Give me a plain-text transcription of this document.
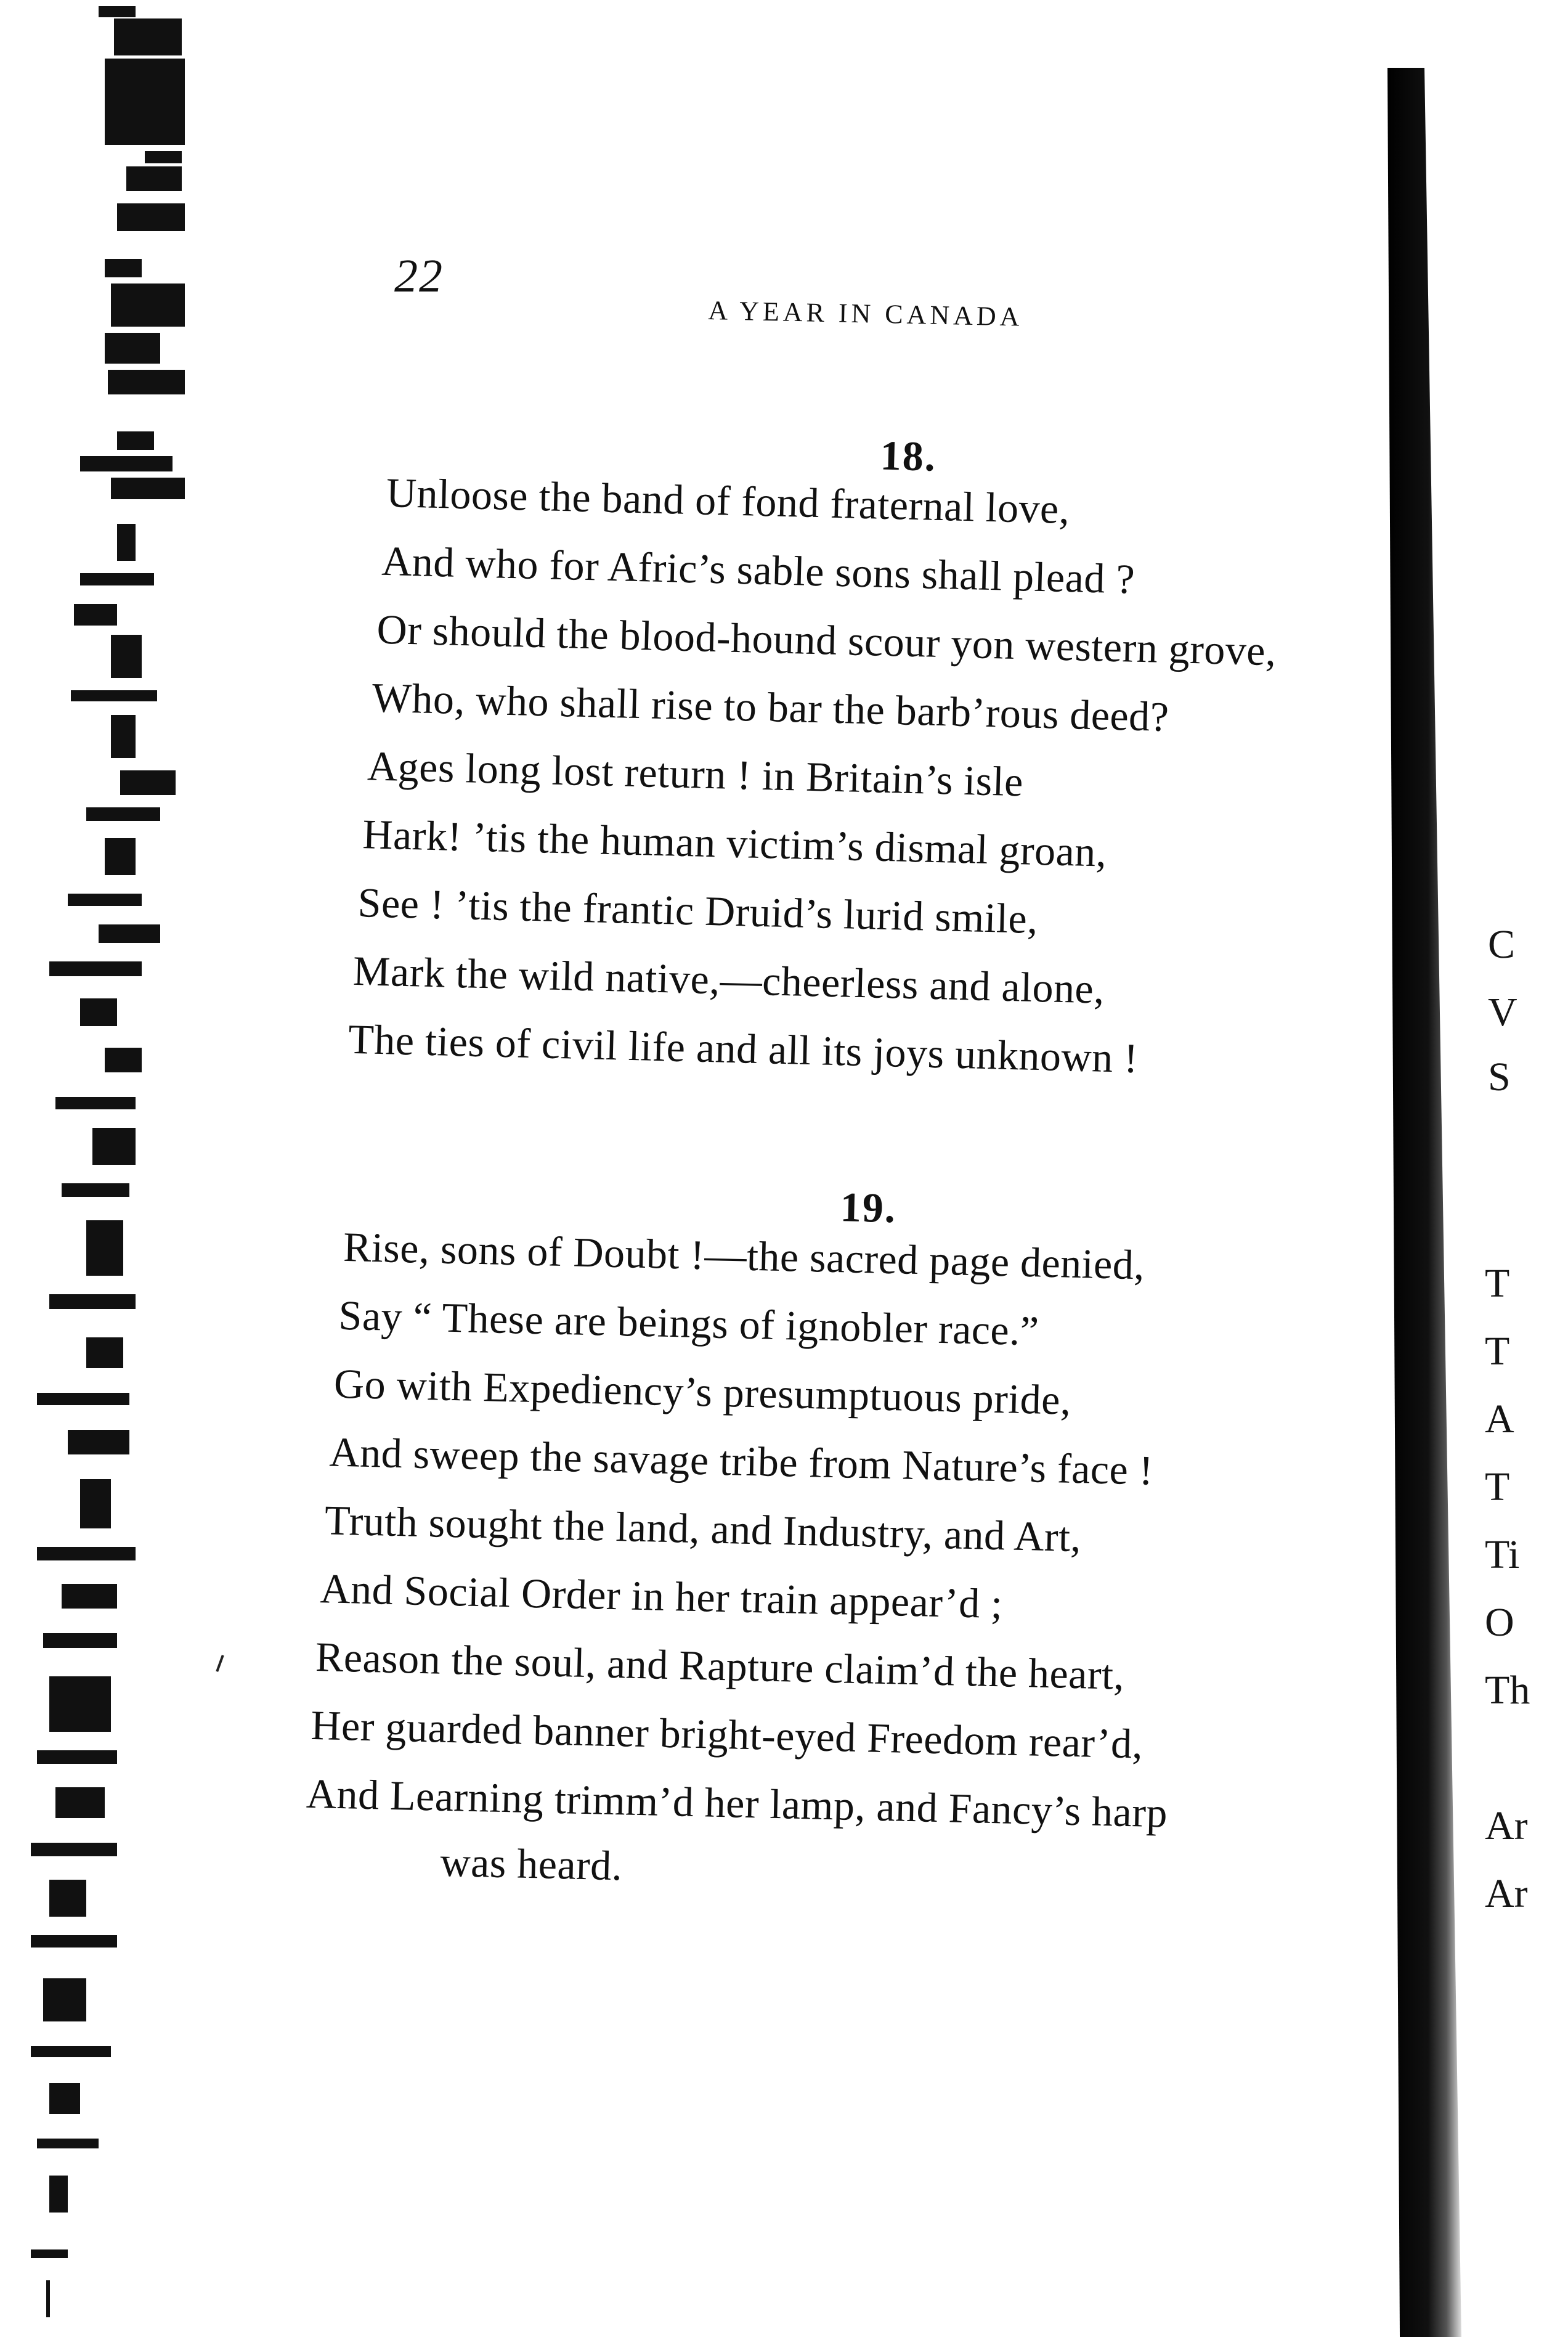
22
A YEAR IN CANADA
18.
Unloose the band of fond fraternal love,
And who for Afric’s sable sons shall plead ?
Or should the blood-hound scour yon western grove,
Who, who shall rise to bar the barb’rous deed?
Ages long lost return ! in Britain’s isle
Hark! ’tis the human victim’s dismal groan,
See ! ’tis the frantic Druid’s lurid smile,
Mark the wild native,—cheerless and alone,
The ties of civil life and all its joys unknown !
19.
Rise, sons of Doubt !—the sacred page denied,
Say “ These are beings of ignobler race.”
Go with Expediency’s presumptuous pride,
And sweep the savage tribe from Nature’s face !
Truth sought the land, and Industry, and Art,
And Social Order in her train appear’d ;
Reason the soul, and Rapture claim’d the heart,
Her guarded banner bright-eyed Freedom rear’d,
And Learning trimm’d her lamp, and Fancy’s harp
was heard.
C
V
S
T
T
A
T
Ti
O
Th
Ar
Ar
